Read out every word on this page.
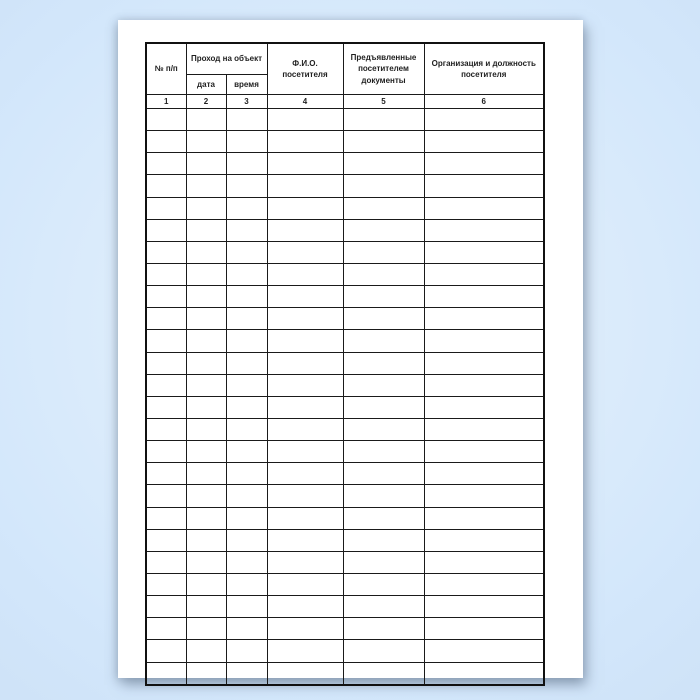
№ п/п	Проход на объект		Ф.И.О. посетителя	Предъявленные посетителем документы	Организация и должность посетителя
	дата	время			
1	2	3	4	5	6
